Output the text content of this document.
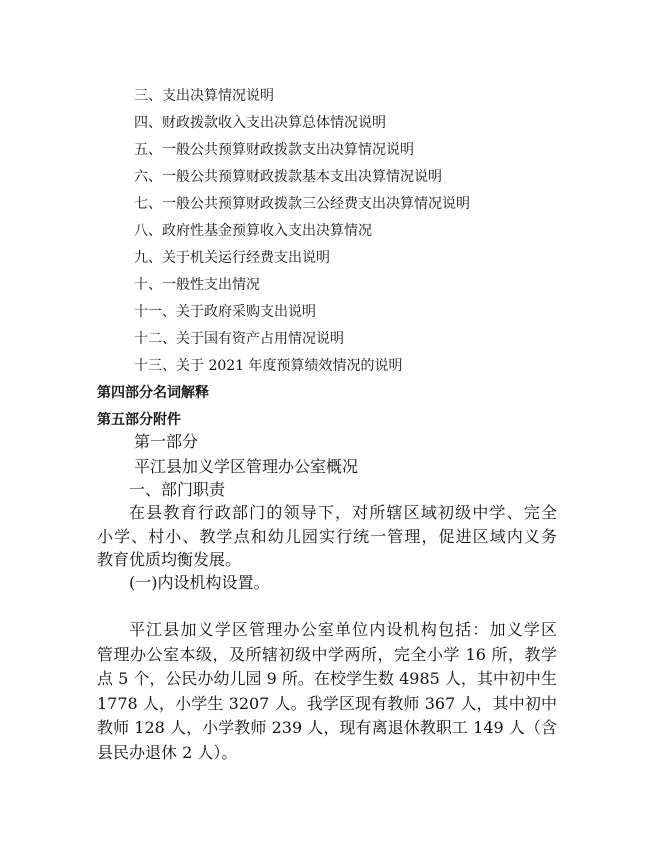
三、支出决算情况说明
四、财政拨款收入支出决算总体情况说明
五、一般公共预算财政拨款支出决算情况说明
六、一般公共预算财政拨款基本支出决算情况说明
七、一般公共预算财政拨款三公经费支出决算情况说明
八、政府性基金预算收入支出决算情况
九、关于机关运行经费支出说明
十、一般性支出情况
十一、关于政府采购支出说明
十二、关于国有资产占用情况说明
十三、关于 2021 年度预算绩效情况的说明
第四部分名词解释
第五部分附件
第一部分
平江县加义学区管理办公室概况
一、部门职责
在县教育行政部门的领导下，对所辖区域初级中学、完全
小学、村小、教学点和幼儿园实行统一管理，促进区域内义务
教育优质均衡发展。
(一)内设机构设置。
平江县加义学区管理办公室单位内设机构包括：加义学区
管理办公室本级，及所辖初级中学两所，完全小学 16 所，教学
点 5 个，公民办幼儿园 9 所。在校学生数 4985 人，其中初中生
1778 人，小学生 3207 人。我学区现有教师 367 人，其中初中
教师 128 人，小学教师 239 人，现有离退休教职工 149 人（含
县民办退休 2 人）。
